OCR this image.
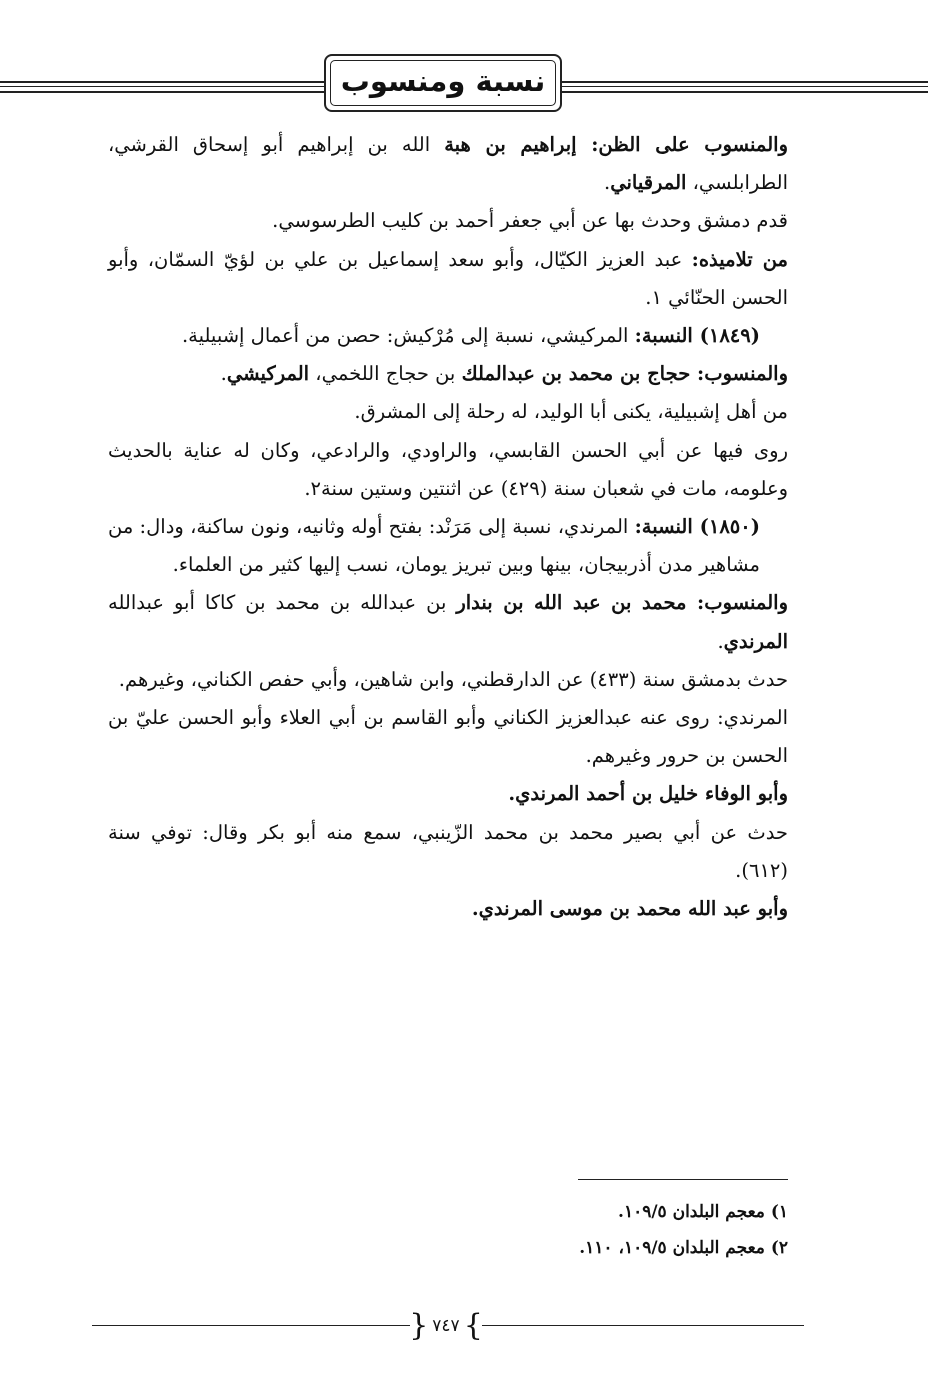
نسبة ومنسوب

والمنسوب على الظن: إبراهيم بن هبة الله بن إبراهيم أبو إسحاق القرشي، الطرابلسي، المرقياني.

قدم دمشق وحدث بها عن أبي جعفر أحمد بن كليب الطرسوسي.

من تلاميذه: عبد العزيز الكيّال، وأبو سعد إسماعيل بن علي بن لؤيّ السمّان، وأبو الحسن الحنّائي ١.

(١٨٤٩) النسبة: المركيشي، نسبة إلى مُرْكيش: حصن من أعمال إشبيلية.

والمنسوب: حجاج بن محمد بن عبدالملك بن حجاج اللخمي، المركيشي.

من أهل إشبيلية، يكنى أبا الوليد، له رحلة إلى المشرق.

روى فيها عن أبي الحسن القابسي، والراودي، والرادعي، وكان له عناية بالحديث وعلومه، مات في شعبان سنة (٤٢٩) عن اثنتين وستين سنة٢.

(١٨٥٠) النسبة: المرندي، نسبة إلى مَرَنْد: بفتح أوله وثانيه، ونون ساكنة، ودال: من مشاهير مدن أذربيجان، بينها وبين تبريز يومان، نسب إليها كثير من العلماء.

والمنسوب: محمد بن عبد الله بن بندار بن عبدالله بن محمد بن كاكا أبو عبدالله المرندي.

حدث بدمشق سنة (٤٣٣) عن الدارقطني، وابن شاهين، وأبي حفص الكناني، وغيرهم.

المرندي: روى عنه عبدالعزيز الكناني وأبو القاسم بن أبي العلاء وأبو الحسن عليّ بن الحسن بن حرور وغيرهم.

وأبو الوفاء خليل بن أحمد المرندي.

حدث عن أبي بصير محمد بن محمد الزّينبي، سمع منه أبو بكر وقال: توفي سنة (٦١٢).

وأبو عبد الله محمد بن موسى المرندي.

١) معجم البلدان ١٠٩/٥.

٢) معجم البلدان ١٠٩/٥، ١١٠.

}
٧٤٧
{
